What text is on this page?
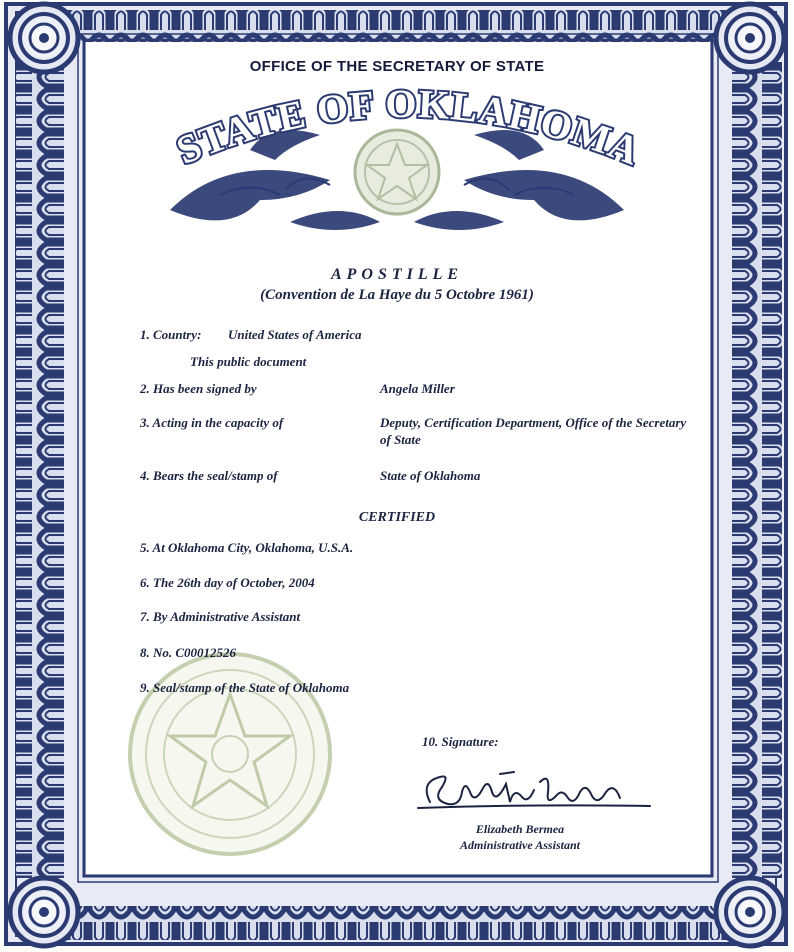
OFFICE OF THE SECRETARY OF STATE
STATE OF OKLAHOMA
APOSTILLE
(Convention de La Haye du 5 Octobre 1961)
1. Country: United States of America
This public document
2. Has been signed by	Angela Miller
3. Acting in the capacity of	Deputy, Certification Department, Office of the Secretary of State
4. Bears the seal/stamp of	State of Oklahoma
CERTIFIED
5. At Oklahoma City, Oklahoma, U.S.A.
6. The 26th day of October, 2004
7. By Administrative Assistant
8. No. C00012526
9. Seal/stamp of the State of Oklahoma
10. Signature:
Elizabeth Bermea
Administrative Assistant
